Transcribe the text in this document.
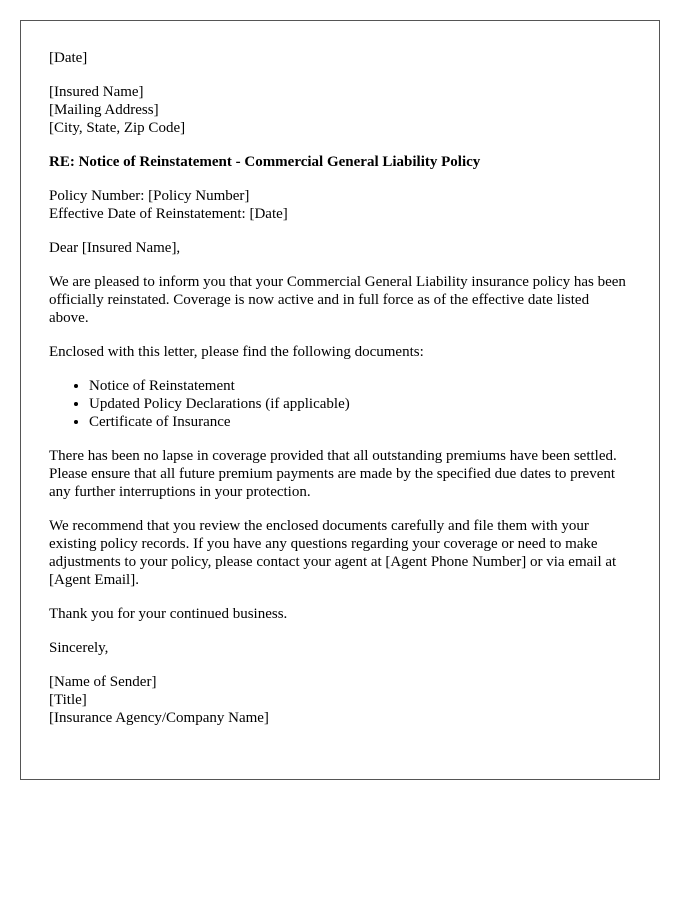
[Date]

[Insured Name]
[Mailing Address]
[City, State, Zip Code]

RE: Notice of Reinstatement - Commercial General Liability Policy

Policy Number: [Policy Number]
Effective Date of Reinstatement: [Date]

Dear [Insured Name],

We are pleased to inform you that your Commercial General Liability insurance policy has been officially reinstated. Coverage is now active and in full force as of the effective date listed above.

Enclosed with this letter, please find the following documents:

• Notice of Reinstatement
• Updated Policy Declarations (if applicable)
• Certificate of Insurance

There has been no lapse in coverage provided that all outstanding premiums have been settled. Please ensure that all future premium payments are made by the specified due dates to prevent any further interruptions in your protection.

We recommend that you review the enclosed documents carefully and file them with your existing policy records. If you have any questions regarding your coverage or need to make adjustments to your policy, please contact your agent at [Agent Phone Number] or via email at [Agent Email].

Thank you for your continued business.

Sincerely,

[Name of Sender]
[Title]
[Insurance Agency/Company Name]
